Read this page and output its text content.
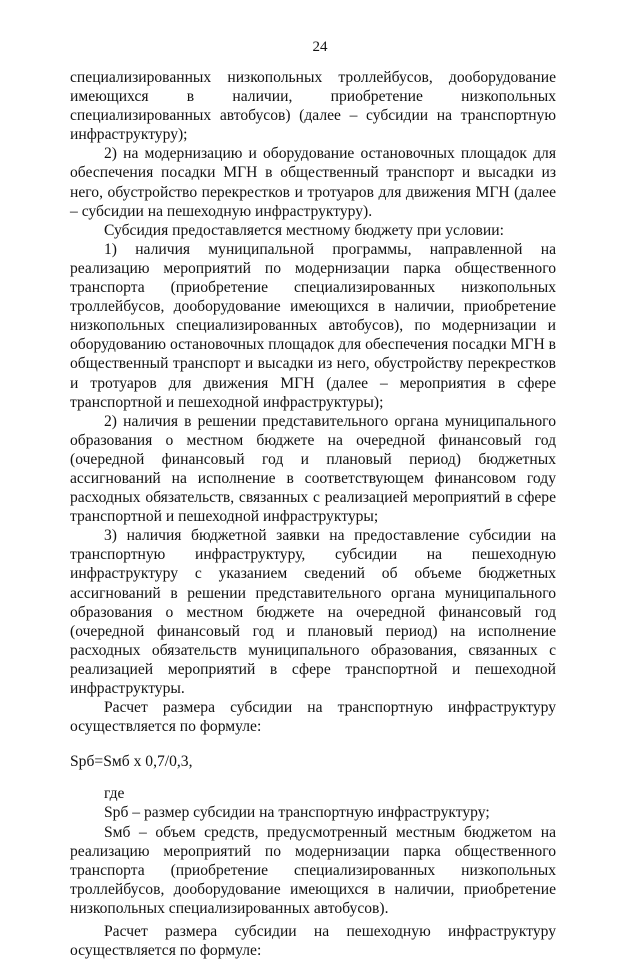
24

специализированных низкопольных троллейбусов, дооборудование имеющихся в наличии, приобретение низкопольных специализированных автобусов) (далее – субсидии на транспортную инфраструктуру);

2) на модернизацию и оборудование остановочных площадок для обеспечения посадки МГН в общественный транспорт и высадки из него, обустройство перекрестков и тротуаров для движения МГН (далее – субсидии на пешеходную инфраструктуру).

Субсидия предоставляется местному бюджету при условии:

1) наличия муниципальной программы, направленной на реализацию мероприятий по модернизации парка общественного транспорта (приобретение специализированных низкопольных троллейбусов, дооборудование имеющихся в наличии, приобретение низкопольных специализированных автобусов), по модернизации и оборудованию остановочных площадок для обеспечения посадки МГН в общественный транспорт и высадки из него, обустройству перекрестков и тротуаров для движения МГН (далее – мероприятия в сфере транспортной и пешеходной инфраструктуры);

2) наличия в решении представительного органа муниципального образования о местном бюджете на очередной финансовый год (очередной финансовый год и плановый период) бюджетных ассигнований на исполнение в соответствующем финансовом году расходных обязательств, связанных с реализацией мероприятий в сфере транспортной и пешеходной инфраструктуры;

3) наличия бюджетной заявки на предоставление субсидии на транспортную инфраструктуру, субсидии на пешеходную инфраструктуру с указанием сведений об объеме бюджетных ассигнований в решении представительного органа муниципального образования о местном бюджете на очередной финансовый год (очередной финансовый год и плановый период) на исполнение расходных обязательств муниципального образования, связанных с реализацией мероприятий в сфере транспортной и пешеходной инфраструктуры.

Расчет размера субсидии на транспортную инфраструктуру осуществляется по формуле:

Sрб=Sмб х 0,7/0,3,

где

Sрб – размер субсидии на транспортную инфраструктуру;

Sмб – объем средств, предусмотренный местным бюджетом на реализацию мероприятий по модернизации парка общественного транспорта (приобретение специализированных низкопольных троллейбусов, дооборудование имеющихся в наличии, приобретение низкопольных специализированных автобусов).

Расчет размера субсидии на пешеходную инфраструктуру осуществляется по формуле:
